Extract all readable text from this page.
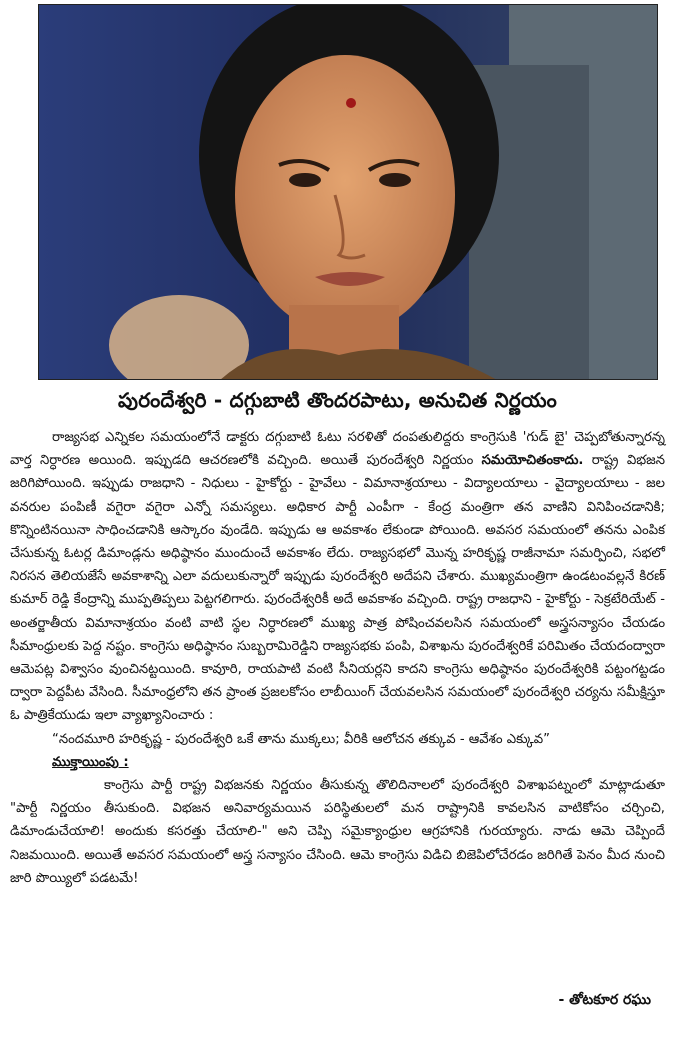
పురందేశ్వరి - దగ్గుబాటి తొందరపాటు, అనుచిత నిర్ణయం

రాజ్యసభ ఎన్నికల సమయంలోనే డాక్టరు దగ్గుబాటి ఓటు సరళితో దంపతులిద్దరు కాంగ్రెసుకి 'గుడ్ బై' చెప్పబోతున్నారన్న వార్త నిర్ధారణ అయింది. ఇప్పుడది ఆచరణలోకి వచ్చింది. అయితే పురందేశ్వరి నిర్ణయం సమయోచితంకాదు. రాష్ట్ర విభజన జరిగిపోయింది. ఇప్పుడు రాజధాని - నిధులు - హైకోర్టు - హైవేలు - విమానాశ్రయాలు - విద్యాలయాలు - వైద్యాలయాలు - జల వనరుల పంపిణీ వగైరా వగైరా ఎన్నో సమస్యలు. అధికార పార్టీ ఎంపీగా - కేంద్ర మంత్రిగా తన వాణిని వినిపించడానికి; కొన్నింటినయినా సాధించడానికి ఆస్కారం వుండేది. ఇప్పుడు ఆ అవకాశం లేకుండా పోయింది. అవసర సమయంలో తనను ఎంపిక చేసుకున్న ఓటర్ల డిమాండ్లను అధిష్ఠానం ముందుంచే అవకాశం లేదు. రాజ్యసభలో మొన్న హరికృష్ణ రాజీనామా సమర్పించి, సభలో నిరసన తెలియజేసే అవకాశాన్ని ఎలా వదులుకున్నారో ఇప్పుడు పురందేశ్వరి అదేపని చేశారు. ముఖ్యమంత్రిగా ఉండటంవల్లనే కిరణ్ కుమార్ రెడ్డి కేంద్రాన్ని ముప్పతిప్పలు పెట్టగలిగారు. పురందేశ్వరికీ అదే అవకాశం వచ్చింది. రాష్ట్ర రాజధాని - హైకోర్టు - సెక్రటేరియేట్ - అంతర్జాతీయ విమానాశ్రయం వంటి వాటి స్థల నిర్ధారణలో ముఖ్య పాత్ర పోషించవలసిన సమయంలో అస్త్రసన్యాసం చేయడం సీమాంధ్రులకు పెద్ద నష్టం. కాంగ్రెసు అధిష్ఠానం సుబ్బరామిరెడ్డిని రాజ్యసభకు పంపి, విశాఖను పురందేశ్వరికే పరిమితం చేయదంద్వారా ఆమెపట్ల విశ్వాసం వుంచినట్టయింది. కావూరి, రాయపాటి వంటి సీనియర్లని కాదని కాంగ్రెసు అధిష్ఠానం పురందేశ్వరికి పట్టంగట్టడం ద్వారా పెద్దపీట వేసింది. సీమాంధ్రలోని తన ప్రాంత ప్రజలకోసం లాబీయింగ్ చేయవలసిన సమయంలో పురందేశ్వరి చర్యను సమీక్షిస్తూ ఓ పాత్రికేయుడు ఇలా వ్యాఖ్యానించారు :

“నందమూరి హరికృష్ణ - పురందేశ్వరి ఒకే తాను ముక్కలు; వీరికి ఆలోచన తక్కువ - ఆవేశం ఎక్కువ”

ముక్తాయింపు :

కాంగ్రెసు పార్టీ రాష్ట్ర విభజనకు నిర్ణయం తీసుకున్న తొలిదినాలలో పురందేశ్వరి విశాఖపట్నంలో మాట్లాడుతూ "పార్టీ నిర్ణయం తీసుకుంది. విభజన అనివార్యమయిన పరిస్థితులలో మన రాష్ట్రానికి కావలసిన వాటికోసం చర్చించి, డిమాండుచేయాలి! అందుకు కసరత్తు చేయాలి-" అని చెప్పి సమైక్యాంధ్రుల ఆగ్రహానికి గురయ్యారు. నాడు ఆమె చెప్పిందే నిజమయింది. అయితే అవసర సమయంలో అస్త్ర సన్యాసం చేసింది. ఆమె కాంగ్రెసు విడిచి బిజెపిలోచేరడం జరిగితే పెనం మీద నుంచి జారి పొయ్యిలో పడటమే!

- తోటకూర రఘు
